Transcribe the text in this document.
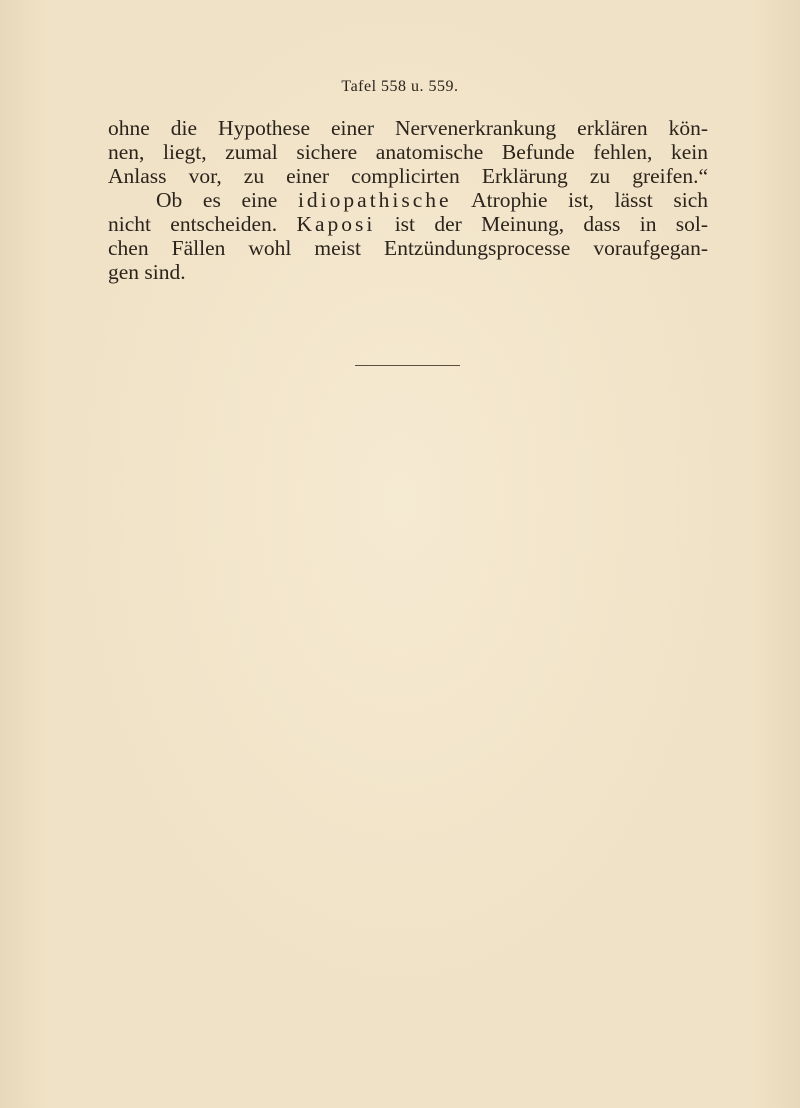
Tafel 558 u. 559.
ohne die Hypothese einer Nervenerkrankung erklären kön-
nen, liegt, zumal sichere anatomische Befunde fehlen, kein
Anlass vor, zu einer complicirten Erklärung zu greifen.“
Ob es eine idiopathische Atrophie ist, lässt sich
nicht entscheiden. Kaposi ist der Meinung, dass in sol-
chen Fällen wohl meist Entzündungsprocesse voraufgegan-
gen sind.
